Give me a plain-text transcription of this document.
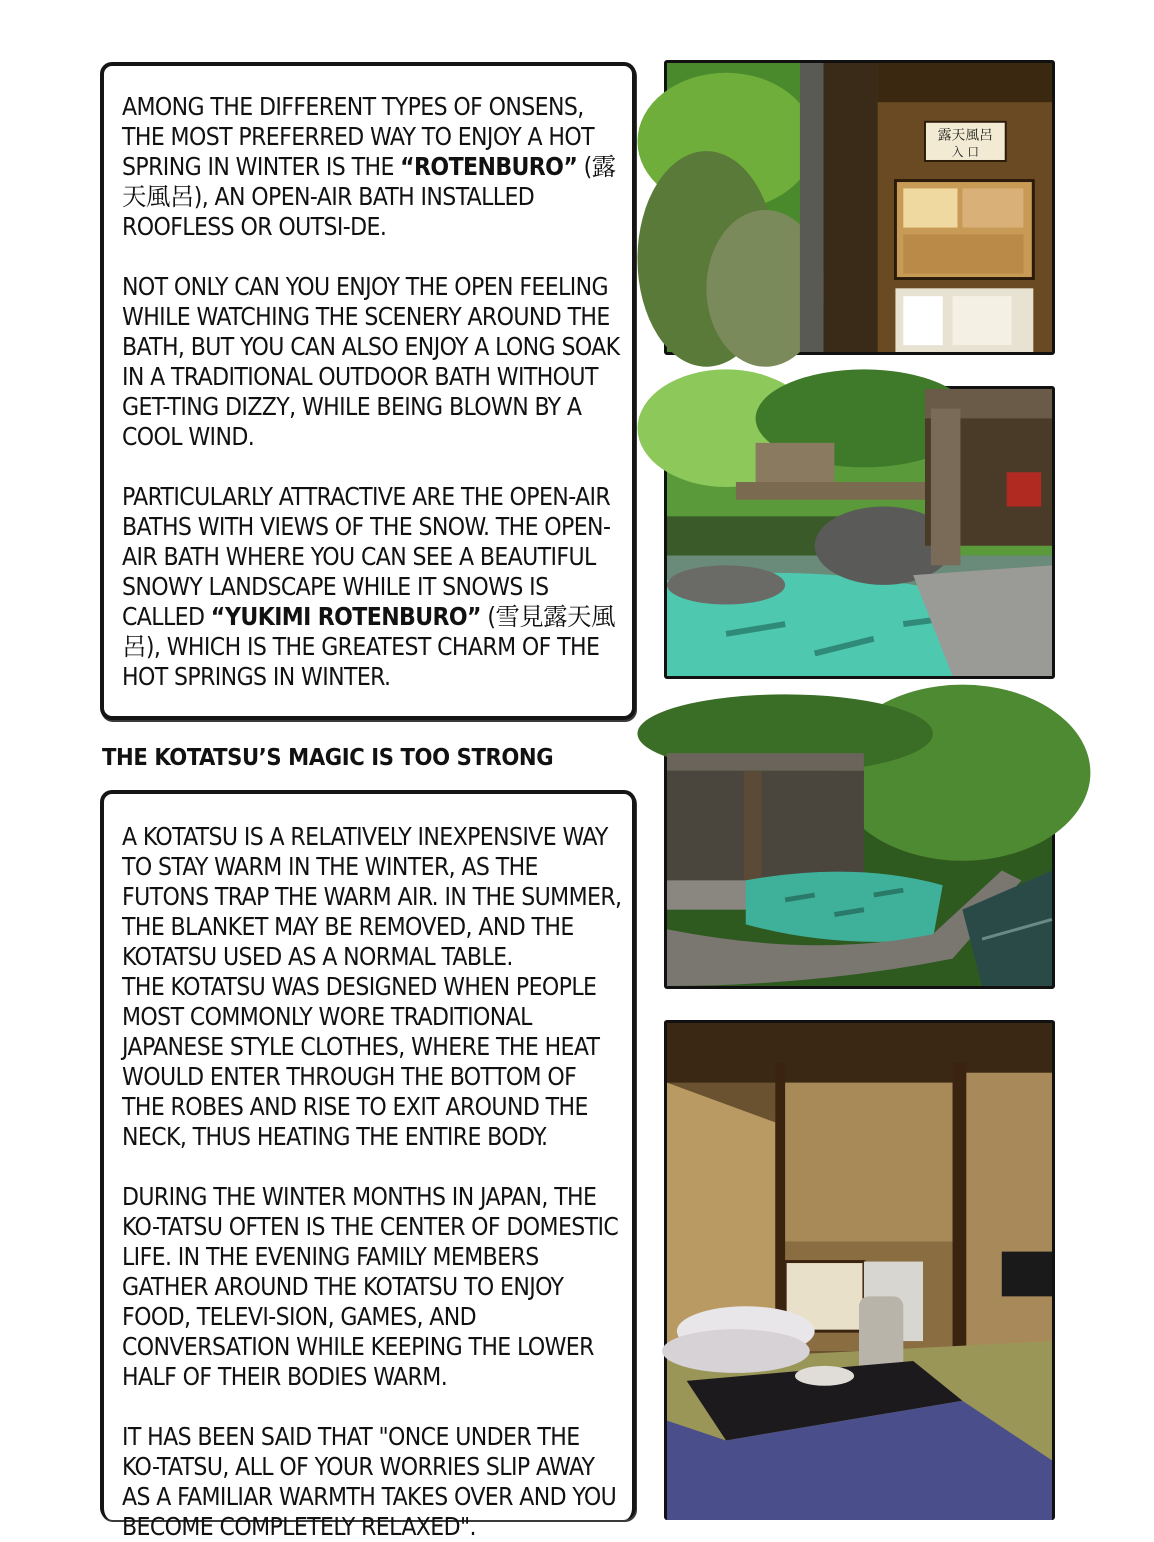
AMONG THE DIFFERENT TYPES OF ONSENS, THE MOST PREFERRED WAY TO ENJOY A HOT SPRING IN WINTER IS THE “ROTENBURO” (露天風呂), AN OPEN-AIR BATH INSTALLED ROOFLESS OR OUTSI-DE.

NOT ONLY CAN YOU ENJOY THE OPEN FEELING WHILE WATCHING THE SCENERY AROUND THE BATH, BUT YOU CAN ALSO ENJOY A LONG SOAK IN A TRADITIONAL OUTDOOR BATH WITHOUT GET-TING DIZZY, WHILE BEING BLOWN BY A COOL WIND.

PARTICULARLY ATTRACTIVE ARE THE OPEN-AIR BATHS WITH VIEWS OF THE SNOW. THE OPEN-AIR BATH WHERE YOU CAN SEE A BEAUTIFUL SNOWY LANDSCAPE WHILE IT SNOWS IS CALLED “YUKIMI ROTENBURO” (雪見露天風呂), WHICH IS THE GREATEST CHARM OF THE HOT SPRINGS IN WINTER.

THE KOTATSU’S MAGIC IS TOO STRONG

A KOTATSU IS A RELATIVELY INEXPENSIVE WAY TO STAY WARM IN THE WINTER, AS THE FUTONS TRAP THE WARM AIR. IN THE SUMMER, THE BLANKET MAY BE REMOVED, AND THE KOTATSU USED AS A NORMAL TABLE.

THE KOTATSU WAS DESIGNED WHEN PEOPLE MOST COMMONLY WORE TRADITIONAL JAPANESE STYLE CLOTHES, WHERE THE HEAT WOULD ENTER THROUGH THE BOTTOM OF THE ROBES AND RISE TO EXIT AROUND THE NECK, THUS HEATING THE ENTIRE BODY.

DURING THE WINTER MONTHS IN JAPAN, THE KO-TATSU OFTEN IS THE CENTER OF DOMESTIC LIFE. IN THE EVENING FAMILY MEMBERS GATHER AROUND THE KOTATSU TO ENJOY FOOD, TELEVI-SION, GAMES, AND CONVERSATION WHILE KEEPING THE LOWER HALF OF THEIR BODIES WARM.

IT HAS BEEN SAID THAT "ONCE UNDER THE KO-TATSU, ALL OF YOUR WORRIES SLIP AWAY AS A FAMILIAR WARMTH TAKES OVER AND YOU BECOME COMPLETELY RELAXED".

露天風呂
入 口
